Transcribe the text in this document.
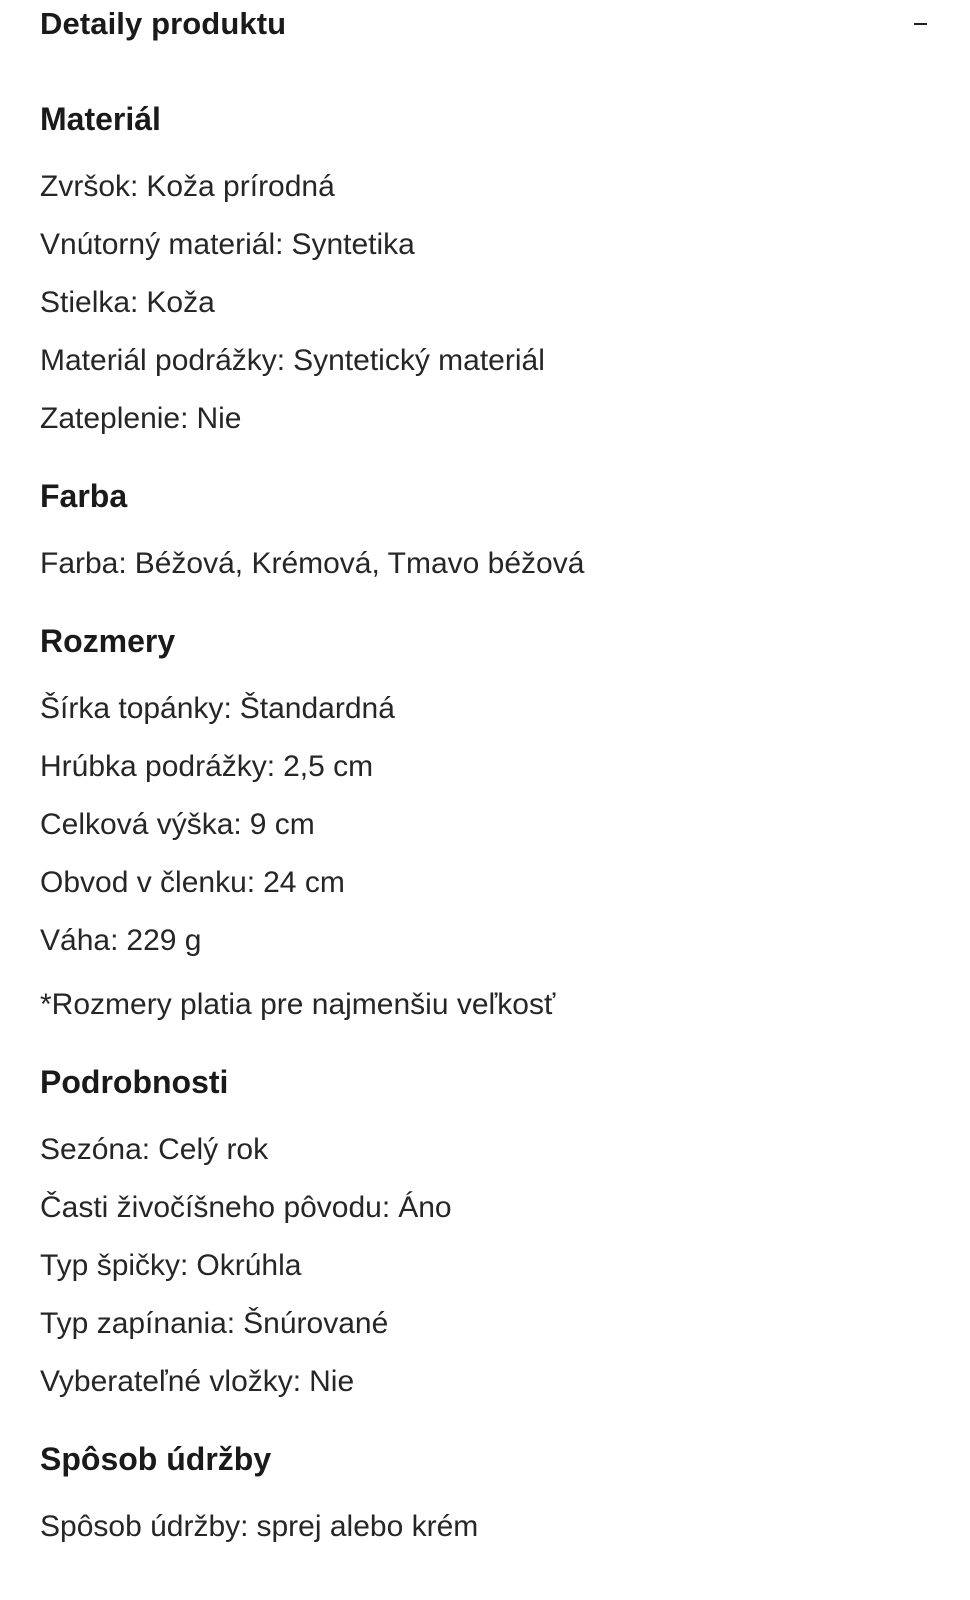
Detaily produktu
Materiál
Zvršok: Koža prírodná
Vnútorný materiál: Syntetika
Stielka: Koža
Materiál podrážky: Syntetický materiál
Zateplenie: Nie
Farba
Farba: Béžová, Krémová, Tmavo béžová
Rozmery
Šírka topánky: Štandardná
Hrúbka podrážky: 2,5 cm
Celková výška: 9 cm
Obvod v členku: 24 cm
Váha: 229 g
*Rozmery platia pre najmenšiu veľkosť
Podrobnosti
Sezóna: Celý rok
Časti živočíšneho pôvodu: Áno
Typ špičky: Okrúhla
Typ zapínania: Šnúrované
Vyberateľné vložky: Nie
Spôsob údržby
Spôsob údržby: sprej alebo krém
